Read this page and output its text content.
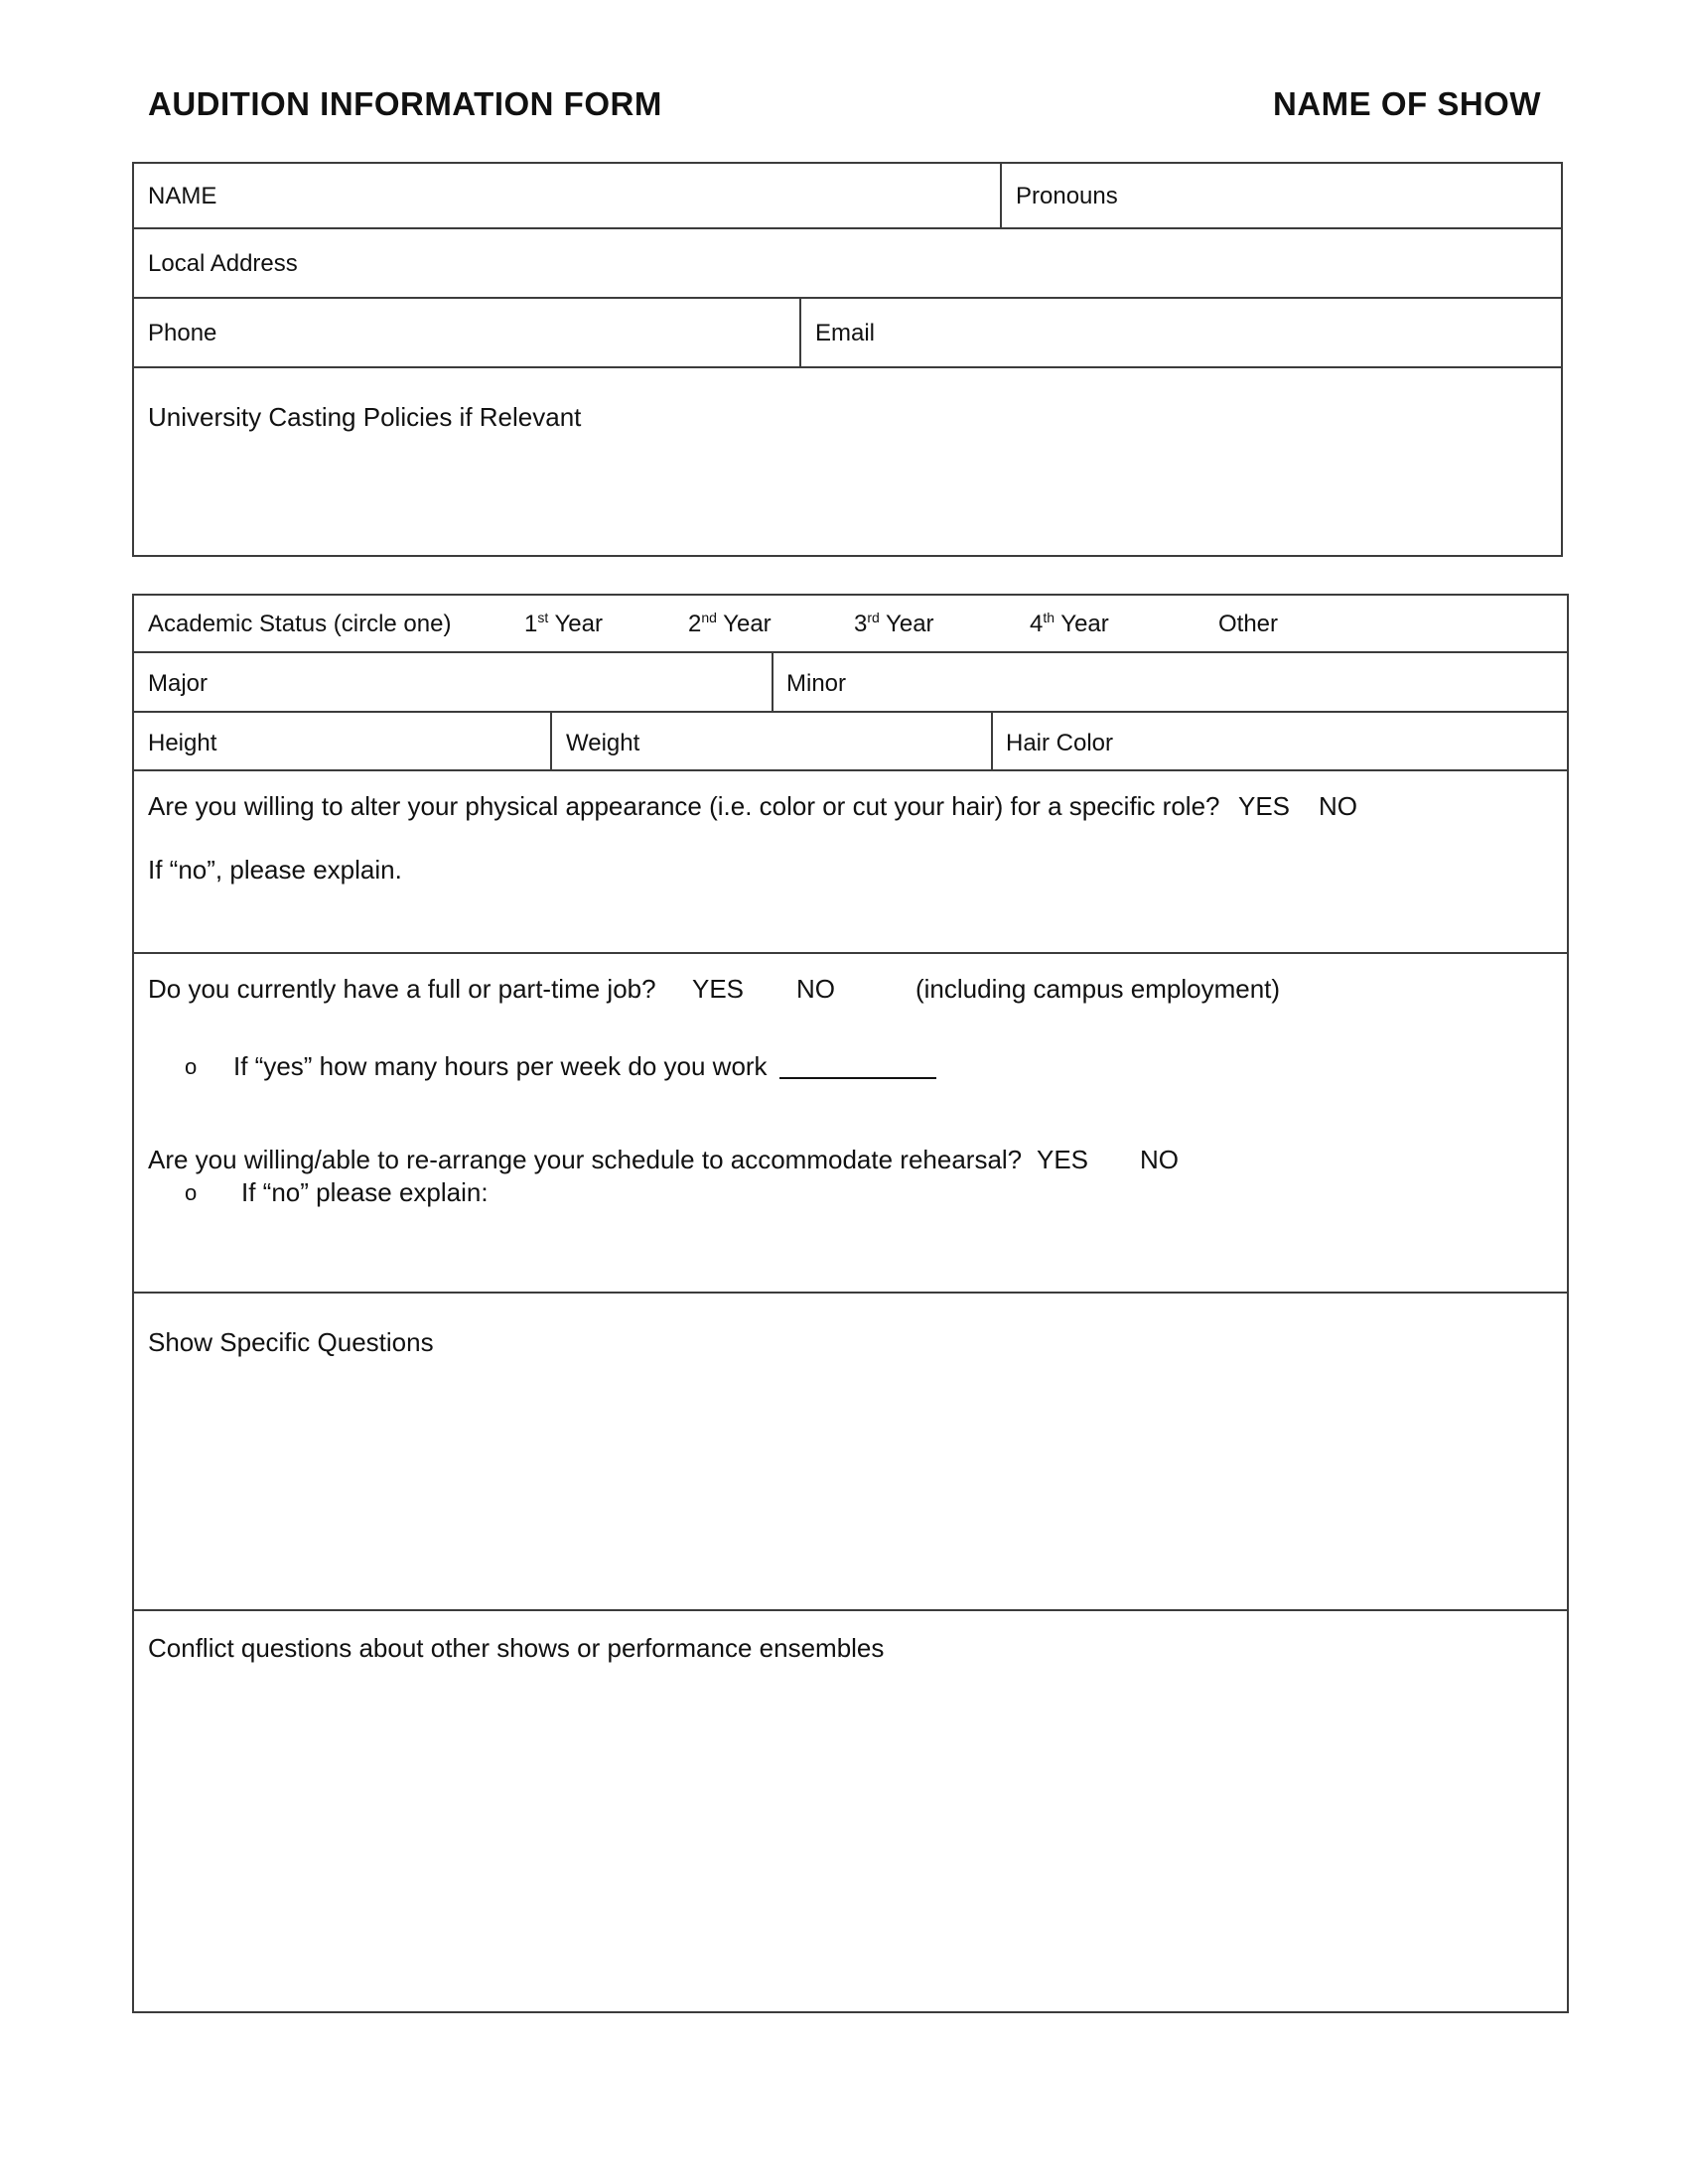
AUDITION INFORMATION FORM	NAME OF SHOW
NAME	Pronouns
Local Address
Phone	Email
University Casting Policies if Relevant
Academic Status (circle one)	1st Year	2nd Year	3rd Year	4th Year	Other
Major	Minor
Height	Weight	Hair Color
Are you willing to alter your physical appearance (i.e. color or cut your hair) for a specific role? YES NO
If “no”, please explain.
Do you currently have a full or part-time job? YES NO	(including campus employment)
o If “yes” how many hours per week do you work
Are you willing/able to re-arrange your schedule to accommodate rehearsal? YES NO
o If “no” please explain:
Show Specific Questions
Conflict questions about other shows or performance ensembles
